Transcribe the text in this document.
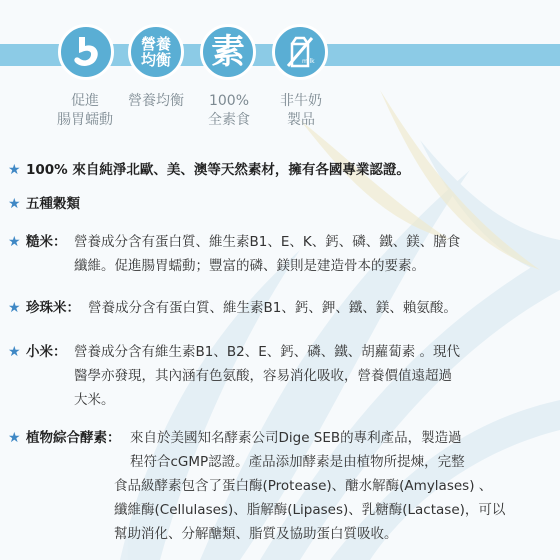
營養
均衡 素	milk
促進
腸胃蠕動
營養均衡	100%
全素食
非牛奶
製品
★ 100% 來自純淨北歐、美、澳等天然素材，擁有各國專業認證。
★ 五種穀類
★ 糙米： 營養成分含有蛋白質、維生素B1、E、K、鈣、磷、鐵、鎂、膳食
纖維。促進腸胃蠕動；豐富的磷、鎂則是建造骨本的要素。
★ 珍珠米： 營養成分含有蛋白質、維生素B1、鈣、鉀、鐵、鎂、賴氨酸。
★ 小米： 營養成分含有維生素B1、B2、E、鈣、磷、鐵、胡蘿蔔素 。現代
醫學亦發現，其內涵有色氨酸，容易消化吸收，營養價值遠超過
大米。
★ 植物綜合酵素： 來自於美國知名酵素公司Dige SEB的專利產品，製造過
程符合cGMP認證。產品添加酵素是由植物所提煉，完整
食品級酵素包含了蛋白酶(Protease)、醣水解酶(Amylases) 、
纖維酶(Cellulases)、脂解酶(Lipases)、乳糖酶(Lactase)，可以
幫助消化、分解醣類、脂質及協助蛋白質吸收。
